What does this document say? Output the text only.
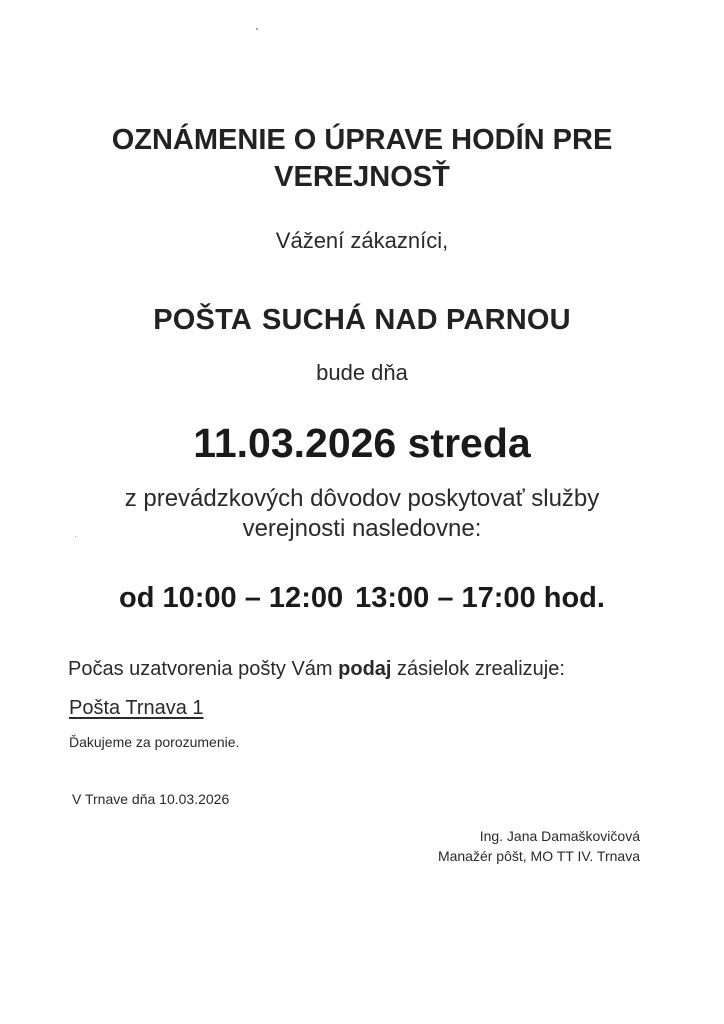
OZNÁMENIE O ÚPRAVE HODÍN PRE
VEREJNOSŤ

Vážení zákazníci,

POŠTA SUCHÁ NAD PARNOU

bude dňa

11.03.2026 streda

z prevádzkových dôvodov poskytovať služby
verejnosti nasledovne:

od 10:00 – 12:00 13:00 – 17:00 hod.

Počas uzatvorenia pošty Vám podaj zásielok zrealizuje:

Pošta Trnava 1

Ďakujeme za porozumenie.

V Trnave dňa 10.03.2026

Ing. Jana Damaškovičová
Manažér pôšt, MO TT IV. Trnava
